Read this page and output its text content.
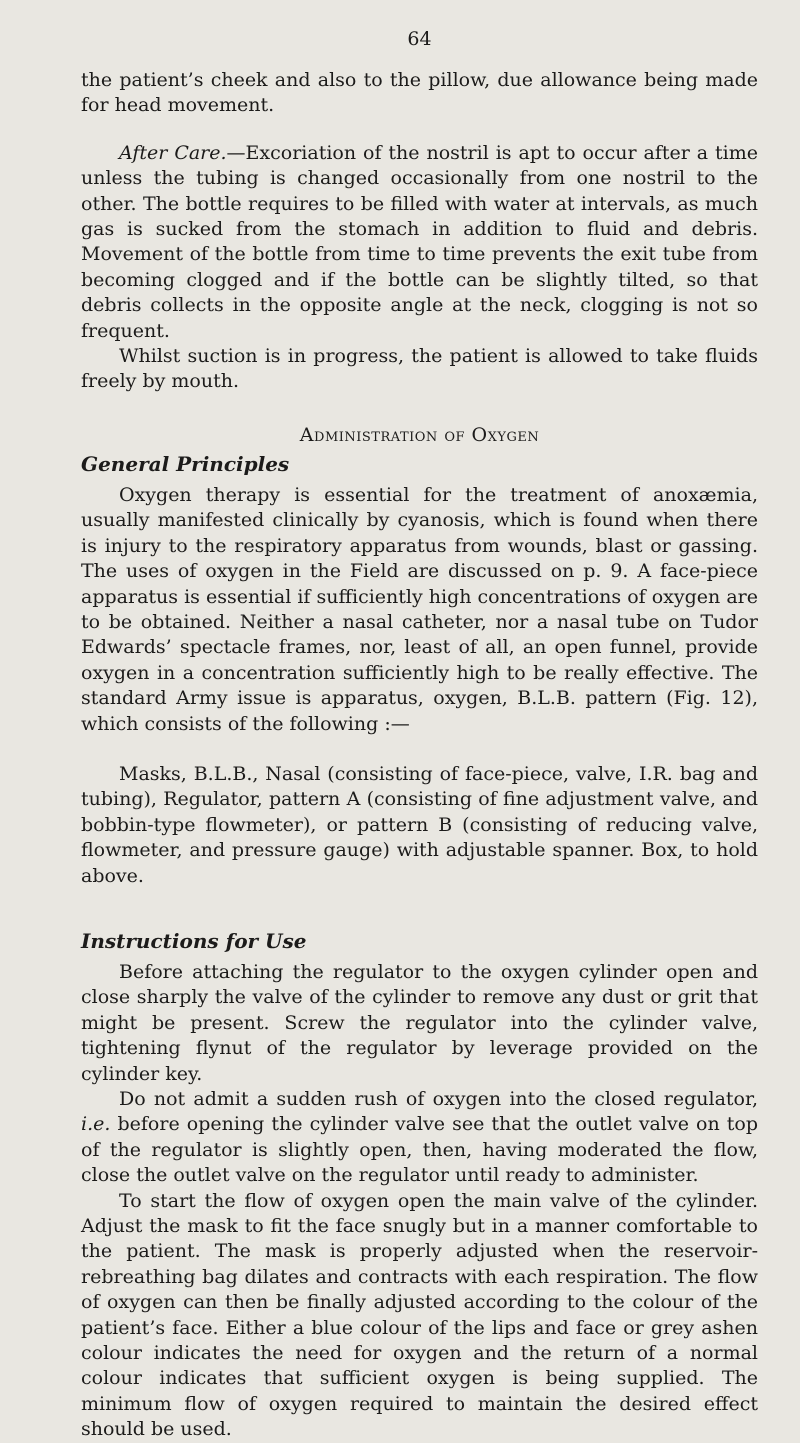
64

the patient’s cheek and also to the pillow, due allowance being made for head movement.

After Care.—Excoriation of the nostril is apt to occur after a time unless the tubing is changed occasionally from one nostril to the other. The bottle requires to be filled with water at intervals, as much gas is sucked from the stomach in addition to fluid and debris. Movement of the bottle from time to time prevents the exit tube from becoming clogged and if the bottle can be slightly tilted, so that debris collects in the opposite angle at the neck, clogging is not so frequent.

Whilst suction is in progress, the patient is allowed to take fluids freely by mouth.

Administration of Oxygen
General Principles

Oxygen therapy is essential for the treatment of anoxæmia, usually manifested clinically by cyanosis, which is found when there is injury to the respiratory apparatus from wounds, blast or gassing. The uses of oxygen in the Field are discussed on p. 9. A face-piece apparatus is essential if sufficiently high concentrations of oxygen are to be obtained. Neither a nasal catheter, nor a nasal tube on Tudor Edwards’ spectacle frames, nor, least of all, an open funnel, provide oxygen in a concentration sufficiently high to be really effective. The standard Army issue is apparatus, oxygen, B.L.B. pattern (Fig. 12), which consists of the following :—

Masks, B.L.B., Nasal (consisting of face-piece, valve, I.R. bag and tubing), Regulator, pattern A (consisting of fine adjustment valve, and bobbin-type flowmeter), or pattern B (consisting of reducing valve, flowmeter, and pressure gauge) with adjustable spanner. Box, to hold above.

Instructions for Use

Before attaching the regulator to the oxygen cylinder open and close sharply the valve of the cylinder to remove any dust or grit that might be present. Screw the regulator into the cylinder valve, tightening flynut of the regulator by leverage provided on the cylinder key.

Do not admit a sudden rush of oxygen into the closed regulator, i.e. before opening the cylinder valve see that the outlet valve on top of the regulator is slightly open, then, having moderated the flow, close the outlet valve on the regulator until ready to administer.

To start the flow of oxygen open the main valve of the cylinder. Adjust the mask to fit the face snugly but in a manner comfortable to the patient. The mask is properly adjusted when the reservoir-rebreathing bag dilates and contracts with each respiration. The flow of oxygen can then be finally adjusted according to the colour of the patient’s face. Either a blue colour of the lips and face or grey ashen colour indicates the need for oxygen and the return of a normal colour indicates that sufficient oxygen is being supplied. The minimum flow of oxygen required to maintain the desired effect should be used.
